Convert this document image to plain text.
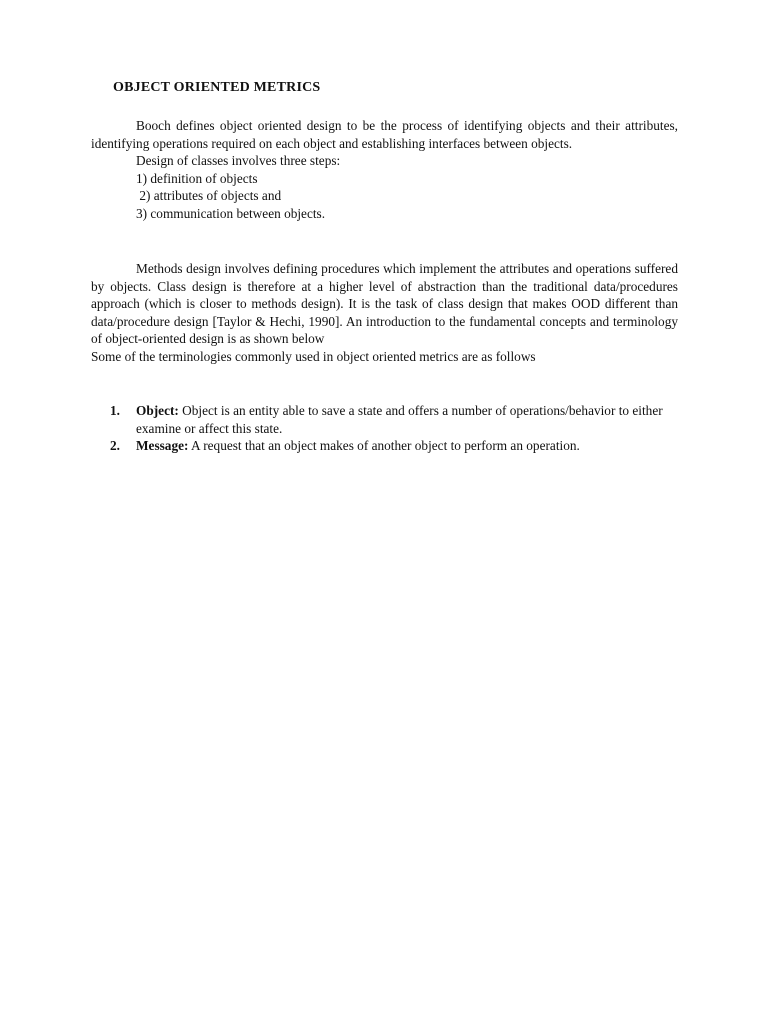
OBJECT ORIENTED METRICS

Booch defines object oriented design to be the process of identifying objects and their attributes, identifying operations required on each object and establishing interfaces between objects.

Design of classes involves three steps:

1) definition of objects

2) attributes of objects and

3) communication between objects.

Methods design involves defining procedures which implement the attributes and operations suffered by objects. Class design is therefore at a higher level of abstraction than the traditional data/procedures approach (which is closer to methods design). It is the task of class design that makes OOD different than data/procedure design [Taylor & Hechi, 1990]. An introduction to the fundamental concepts and terminology of object-oriented design is as shown below

Some of the terminologies commonly used in object oriented metrics are as follows

1. Object: Object is an entity able to save a state and offers a number of operations/behavior to either examine or affect this state.
2. Message: A request that an object makes of another object to perform an operation.
